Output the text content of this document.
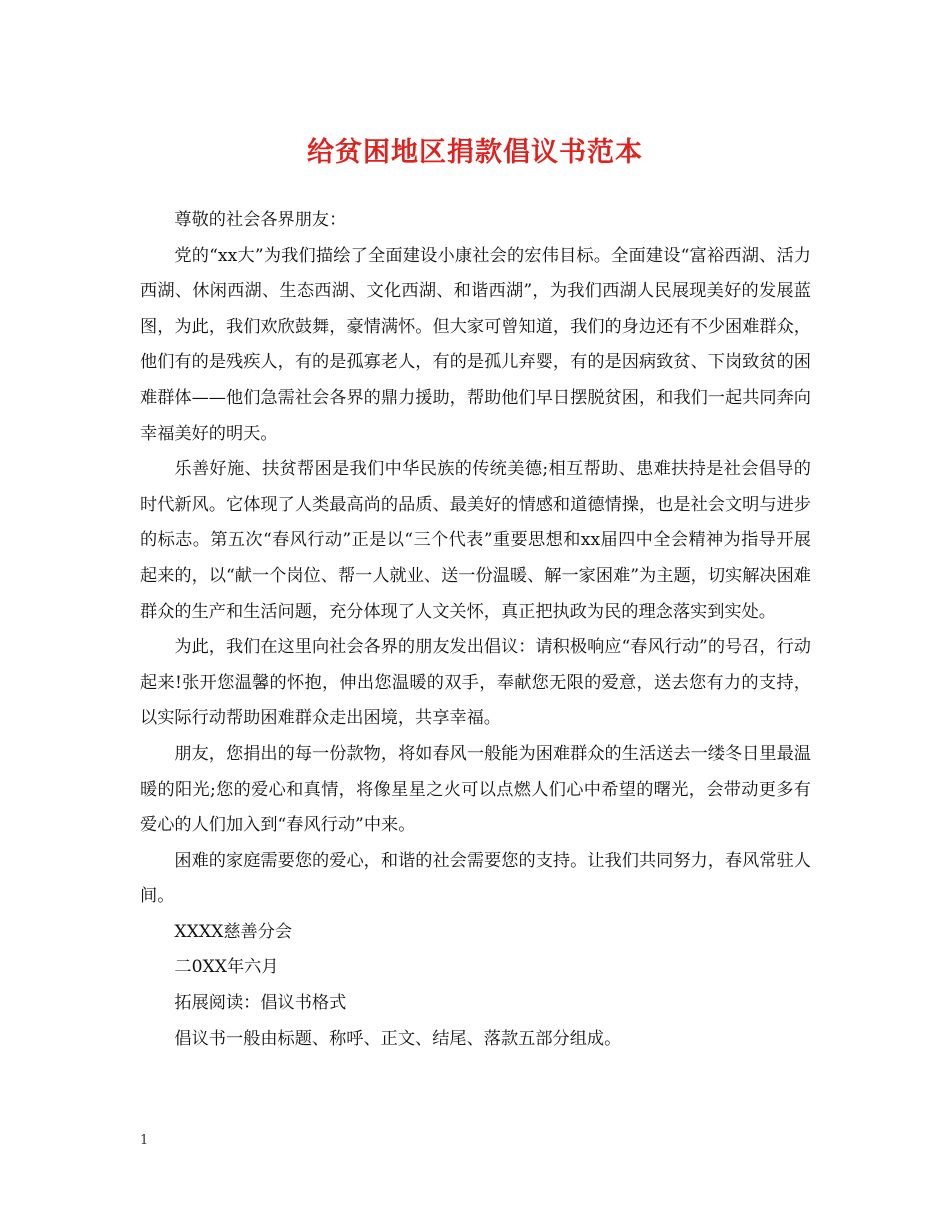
给贫困地区捐款倡议书范本

尊敬的社会各界朋友：

党的“xx大”为我们描绘了全面建设小康社会的宏伟目标。全面建设“富裕西湖、活力西湖、休闲西湖、生态西湖、文化西湖、和谐西湖”，为我们西湖人民展现美好的发展蓝图，为此，我们欢欣鼓舞，豪情满怀。但大家可曾知道，我们的身边还有不少困难群众，他们有的是残疾人，有的是孤寡老人，有的是孤儿弃婴，有的是因病致贫、下岗致贫的困难群体——他们急需社会各界的鼎力援助，帮助他们早日摆脱贫困，和我们一起共同奔向幸福美好的明天。

乐善好施、扶贫帮困是我们中华民族的传统美德;相互帮助、患难扶持是社会倡导的时代新风。它体现了人类最高尚的品质、最美好的情感和道德情操，也是社会文明与进步的标志。第五次“春风行动”正是以“三个代表”重要思想和xx届四中全会精神为指导开展起来的，以“献一个岗位、帮一人就业、送一份温暖、解一家困难”为主题，切实解决困难群众的生产和生活问题，充分体现了人文关怀，真正把执政为民的理念落实到实处。

为此，我们在这里向社会各界的朋友发出倡议：请积极响应“春风行动”的号召，行动起来!张开您温馨的怀抱，伸出您温暖的双手，奉献您无限的爱意，送去您有力的支持，以实际行动帮助困难群众走出困境，共享幸福。

朋友，您捐出的每一份款物，将如春风一般能为困难群众的生活送去一缕冬日里最温暖的阳光;您的爱心和真情，将像星星之火可以点燃人们心中希望的曙光，会带动更多有爱心的人们加入到“春风行动”中来。

困难的家庭需要您的爱心，和谐的社会需要您的支持。让我们共同努力，春风常驻人间。

XXXX慈善分会

二0XX年六月

拓展阅读：倡议书格式

倡议书一般由标题、称呼、正文、结尾、落款五部分组成。

1
